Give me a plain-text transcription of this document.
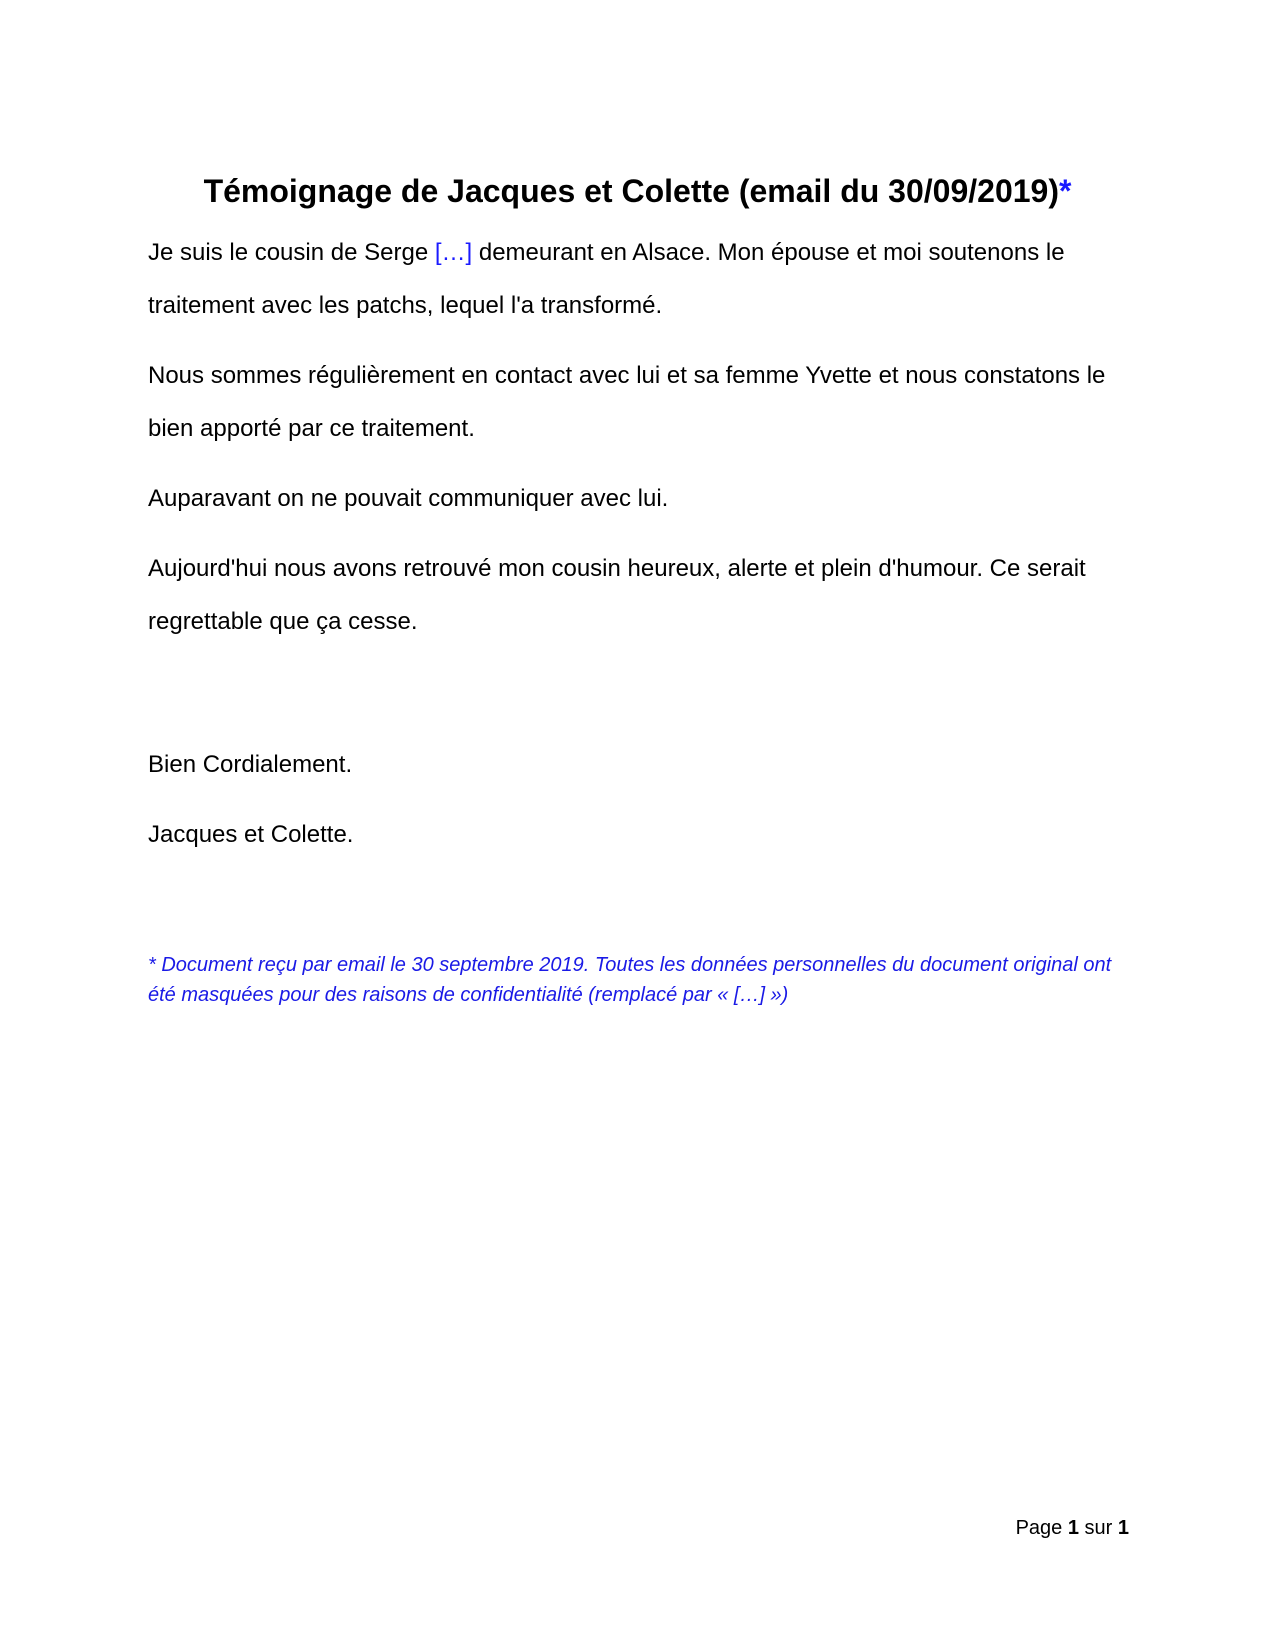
Témoignage de Jacques et Colette (email du 30/09/2019)*

Je suis le cousin de Serge […] demeurant en Alsace. Mon épouse et moi soutenons le traitement avec les patchs, lequel l'a transformé.

Nous sommes régulièrement en contact avec lui et sa femme Yvette et nous constatons le bien apporté par ce traitement.

Auparavant on ne pouvait communiquer avec lui.

Aujourd'hui nous avons retrouvé mon cousin heureux, alerte et plein d'humour. Ce serait regrettable que ça cesse.

Bien Cordialement.

Jacques et Colette.

* Document reçu par email le 30 septembre 2019. Toutes les données personnelles du document original ont été masquées pour des raisons de confidentialité (remplacé par « […] »)
Page 1 sur 1
